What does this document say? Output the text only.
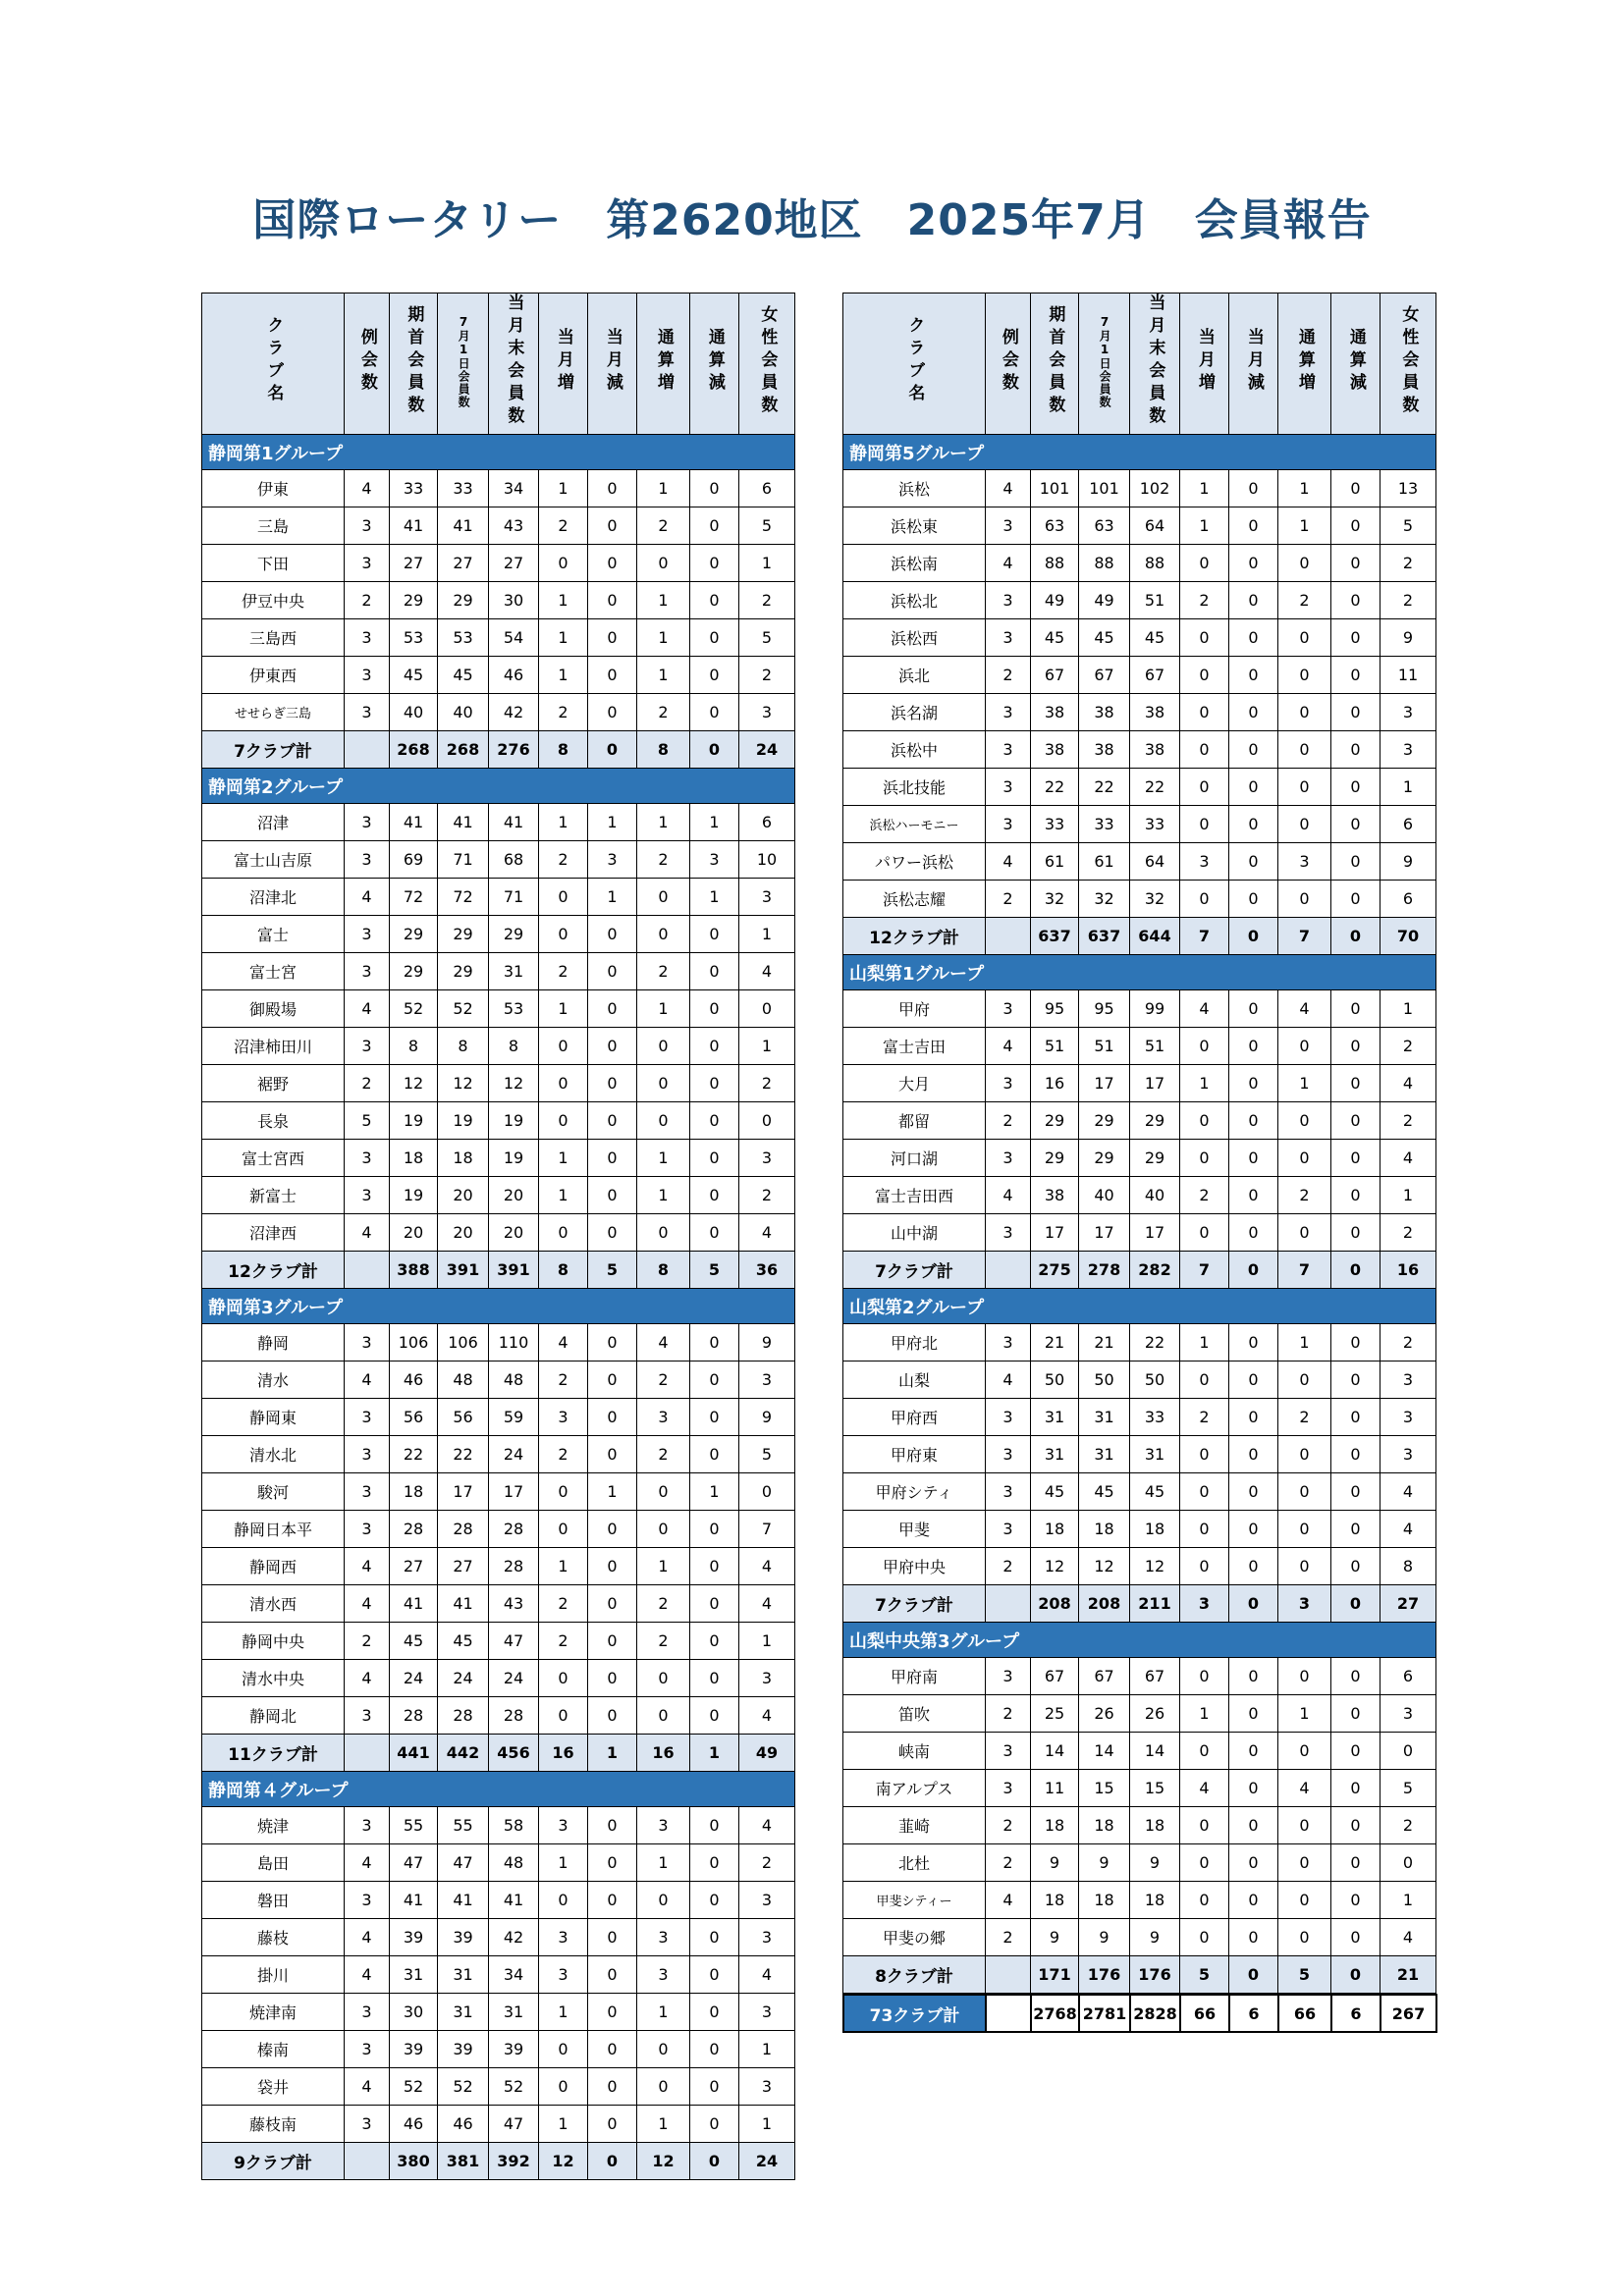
国際ロータリー　第2620地区　2025年7月　会員報告
クラブ名	例会数	期首会員数	7月1日会員数	当月末会員数	当月増	当月減	通算増	通算減	女性会員数
静岡第1グループ									
伊東	4	33	33	34	1	0	1	0	6
三島	3	41	41	43	2	0	2	0	5
下田	3	27	27	27	0	0	0	0	1
伊豆中央	2	29	29	30	1	0	1	0	2
三島西	3	53	53	54	1	0	1	0	5
伊東西	3	45	45	46	1	0	1	0	2
せせらぎ三島	3	40	40	42	2	0	2	0	3
7クラブ計		268	268	276	8	0	8	0	24
静岡第2グループ									
沼津	3	41	41	41	1	1	1	1	6
富士山吉原	3	69	71	68	2	3	2	3	10
沼津北	4	72	72	71	0	1	0	1	3
富士	3	29	29	29	0	0	0	0	1
富士宮	3	29	29	31	2	0	2	0	4
御殿場	4	52	52	53	1	0	1	0	0
沼津柿田川	3	8	8	8	0	0	0	0	1
裾野	2	12	12	12	0	0	0	0	2
長泉	5	19	19	19	0	0	0	0	0
富士宮西	3	18	18	19	1	0	1	0	3
新富士	3	19	20	20	1	0	1	0	2
沼津西	4	20	20	20	0	0	0	0	4
12クラブ計		388	391	391	8	5	8	5	36
静岡第3グループ									
静岡	3	106	106	110	4	0	4	0	9
清水	4	46	48	48	2	0	2	0	3
静岡東	3	56	56	59	3	0	3	0	9
清水北	3	22	22	24	2	0	2	0	5
駿河	3	18	17	17	0	1	0	1	0
静岡日本平	3	28	28	28	0	0	0	0	7
静岡西	4	27	27	28	1	0	1	0	4
清水西	4	41	41	43	2	0	2	0	4
静岡中央	2	45	45	47	2	0	2	0	1
清水中央	4	24	24	24	0	0	0	0	3
静岡北	3	28	28	28	0	0	0	0	4
11クラブ計		441	442	456	16	1	16	1	49
静岡第４グループ									
焼津	3	55	55	58	3	0	3	0	4
島田	4	47	47	48	1	0	1	0	2
磐田	3	41	41	41	0	0	0	0	3
藤枝	4	39	39	42	3	0	3	0	3
掛川	4	31	31	34	3	0	3	0	4
焼津南	3	30	31	31	1	0	1	0	3
榛南	3	39	39	39	0	0	0	0	1
袋井	4	52	52	52	0	0	0	0	3
藤枝南	3	46	46	47	1	0	1	0	1
9クラブ計		380	381	392	12	0	12	0	24
クラブ名	例会数	期首会員数	7月1日会員数	当月末会員数	当月増	当月減	通算増	通算減	女性会員数
静岡第5グループ									
浜松	4	101	101	102	1	0	1	0	13
浜松東	3	63	63	64	1	0	1	0	5
浜松南	4	88	88	88	0	0	0	0	2
浜松北	3	49	49	51	2	0	2	0	2
浜松西	3	45	45	45	0	0	0	0	9
浜北	2	67	67	67	0	0	0	0	11
浜名湖	3	38	38	38	0	0	0	0	3
浜松中	3	38	38	38	0	0	0	0	3
浜北技能	3	22	22	22	0	0	0	0	1
浜松ハーモニー	3	33	33	33	0	0	0	0	6
パワー浜松	4	61	61	64	3	0	3	0	9
浜松志耀	2	32	32	32	0	0	0	0	6
12クラブ計		637	637	644	7	0	7	0	70
山梨第1グループ									
甲府	3	95	95	99	4	0	4	0	1
富士吉田	4	51	51	51	0	0	0	0	2
大月	3	16	17	17	1	0	1	0	4
都留	2	29	29	29	0	0	0	0	2
河口湖	3	29	29	29	0	0	0	0	4
富士吉田西	4	38	40	40	2	0	2	0	1
山中湖	3	17	17	17	0	0	0	0	2
7クラブ計		275	278	282	7	0	7	0	16
山梨第2グループ									
甲府北	3	21	21	22	1	0	1	0	2
山梨	4	50	50	50	0	0	0	0	3
甲府西	3	31	31	33	2	0	2	0	3
甲府東	3	31	31	31	0	0	0	0	3
甲府シティ	3	45	45	45	0	0	0	0	4
甲斐	3	18	18	18	0	0	0	0	4
甲府中央	2	12	12	12	0	0	0	0	8
7クラブ計		208	208	211	3	0	3	0	27
山梨中央第3グループ									
甲府南	3	67	67	67	0	0	0	0	6
笛吹	2	25	26	26	1	0	1	0	3
峡南	3	14	14	14	0	0	0	0	0
南アルプス	3	11	15	15	4	0	4	0	5
韮崎	2	18	18	18	0	0	0	0	2
北杜	2	9	9	9	0	0	0	0	0
甲斐シティー	4	18	18	18	0	0	0	0	1
甲斐の郷	2	9	9	9	0	0	0	0	4
8クラブ計		171	176	176	5	0	5	0	21
73クラブ計		2768	2781	2828	66	6	66	6	267
